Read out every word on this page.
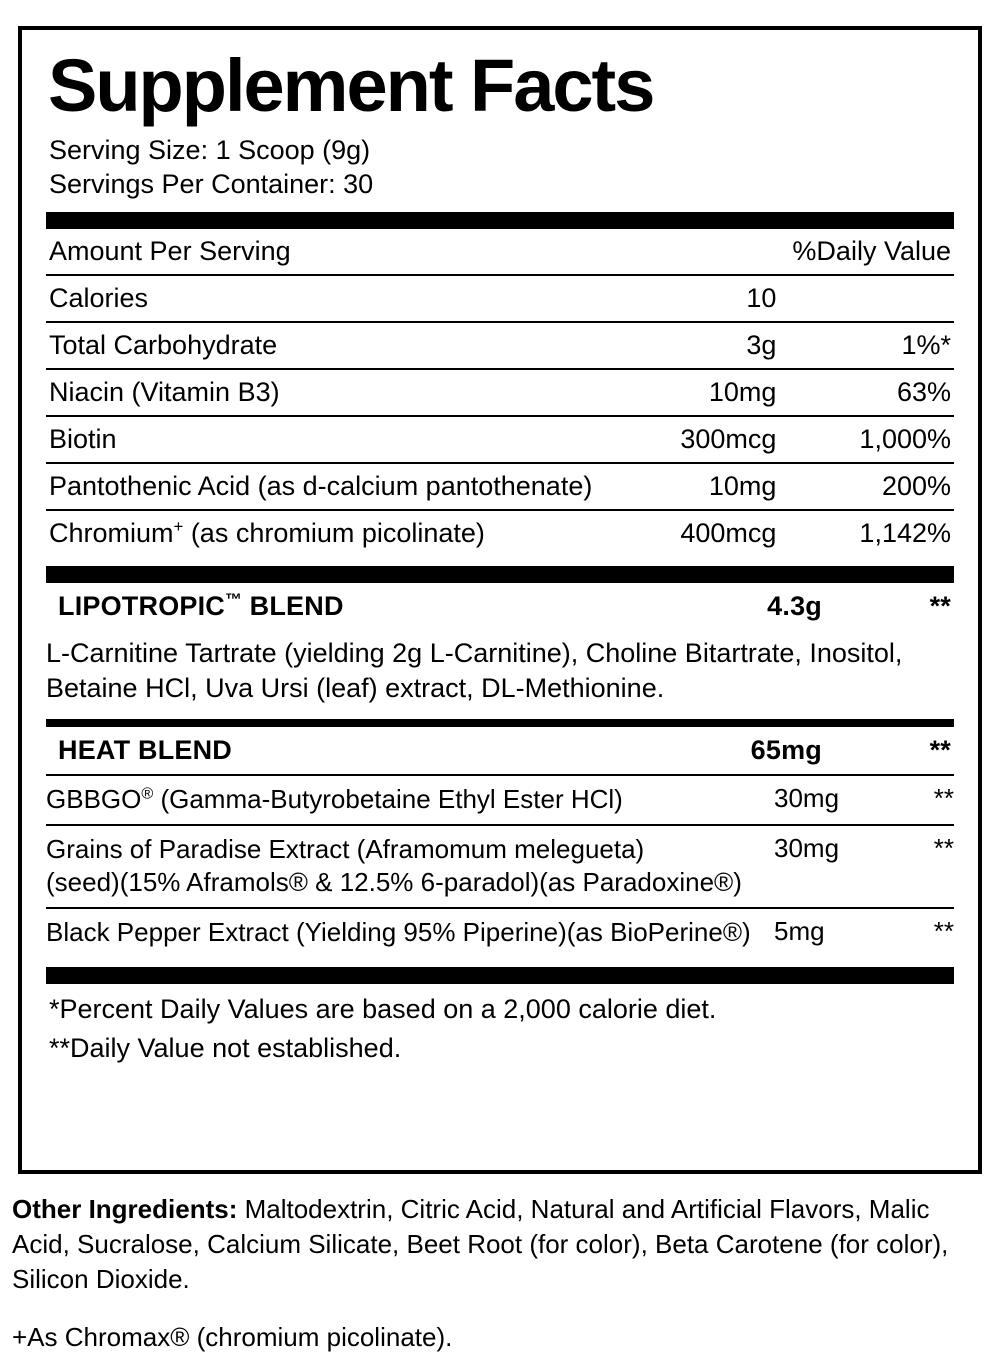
Supplement Facts
Serving Size: 1 Scoop (9g)
Servings Per Container: 30
Amount Per Serving		%Daily Value
Calories	10	
Total Carbohydrate	3g	1%*
Niacin (Vitamin B3)	10mg	63%
Biotin	300mcg	1,000%
Pantothenic Acid (as d-calcium pantothenate)	10mg	200%
Chromium+ (as chromium picolinate)	400mcg	1,142%
LIPOTROPIC™ BLEND	4.3g	**
L-Carnitine Tartrate (yielding 2g L-Carnitine), Choline Bitartrate, Inositol, Betaine HCl, Uva Ursi (leaf) extract, DL-Methionine.
HEAT BLEND	65mg	**
GBBGO® (Gamma-Butyrobetaine Ethyl Ester HCl)	30mg	**

Grains of Paradise Extract (Aframomum melegueta)
(seed)(15% Aframols® & 12.5% 6-paradol)(as Paradoxine®)	30mg	**
Black Pepper Extract (Yielding 95% Piperine)(as BioPerine®)	5mg	**
*Percent Daily Values are based on a 2,000 calorie diet.
**Daily Value not established.
Other Ingredients: Maltodextrin, Citric Acid, Natural and Artificial Flavors, Malic Acid, Sucralose, Calcium Silicate, Beet Root (for color), Beta Carotene (for color), Silicon Dioxide.
+As Chromax® (chromium picolinate).
